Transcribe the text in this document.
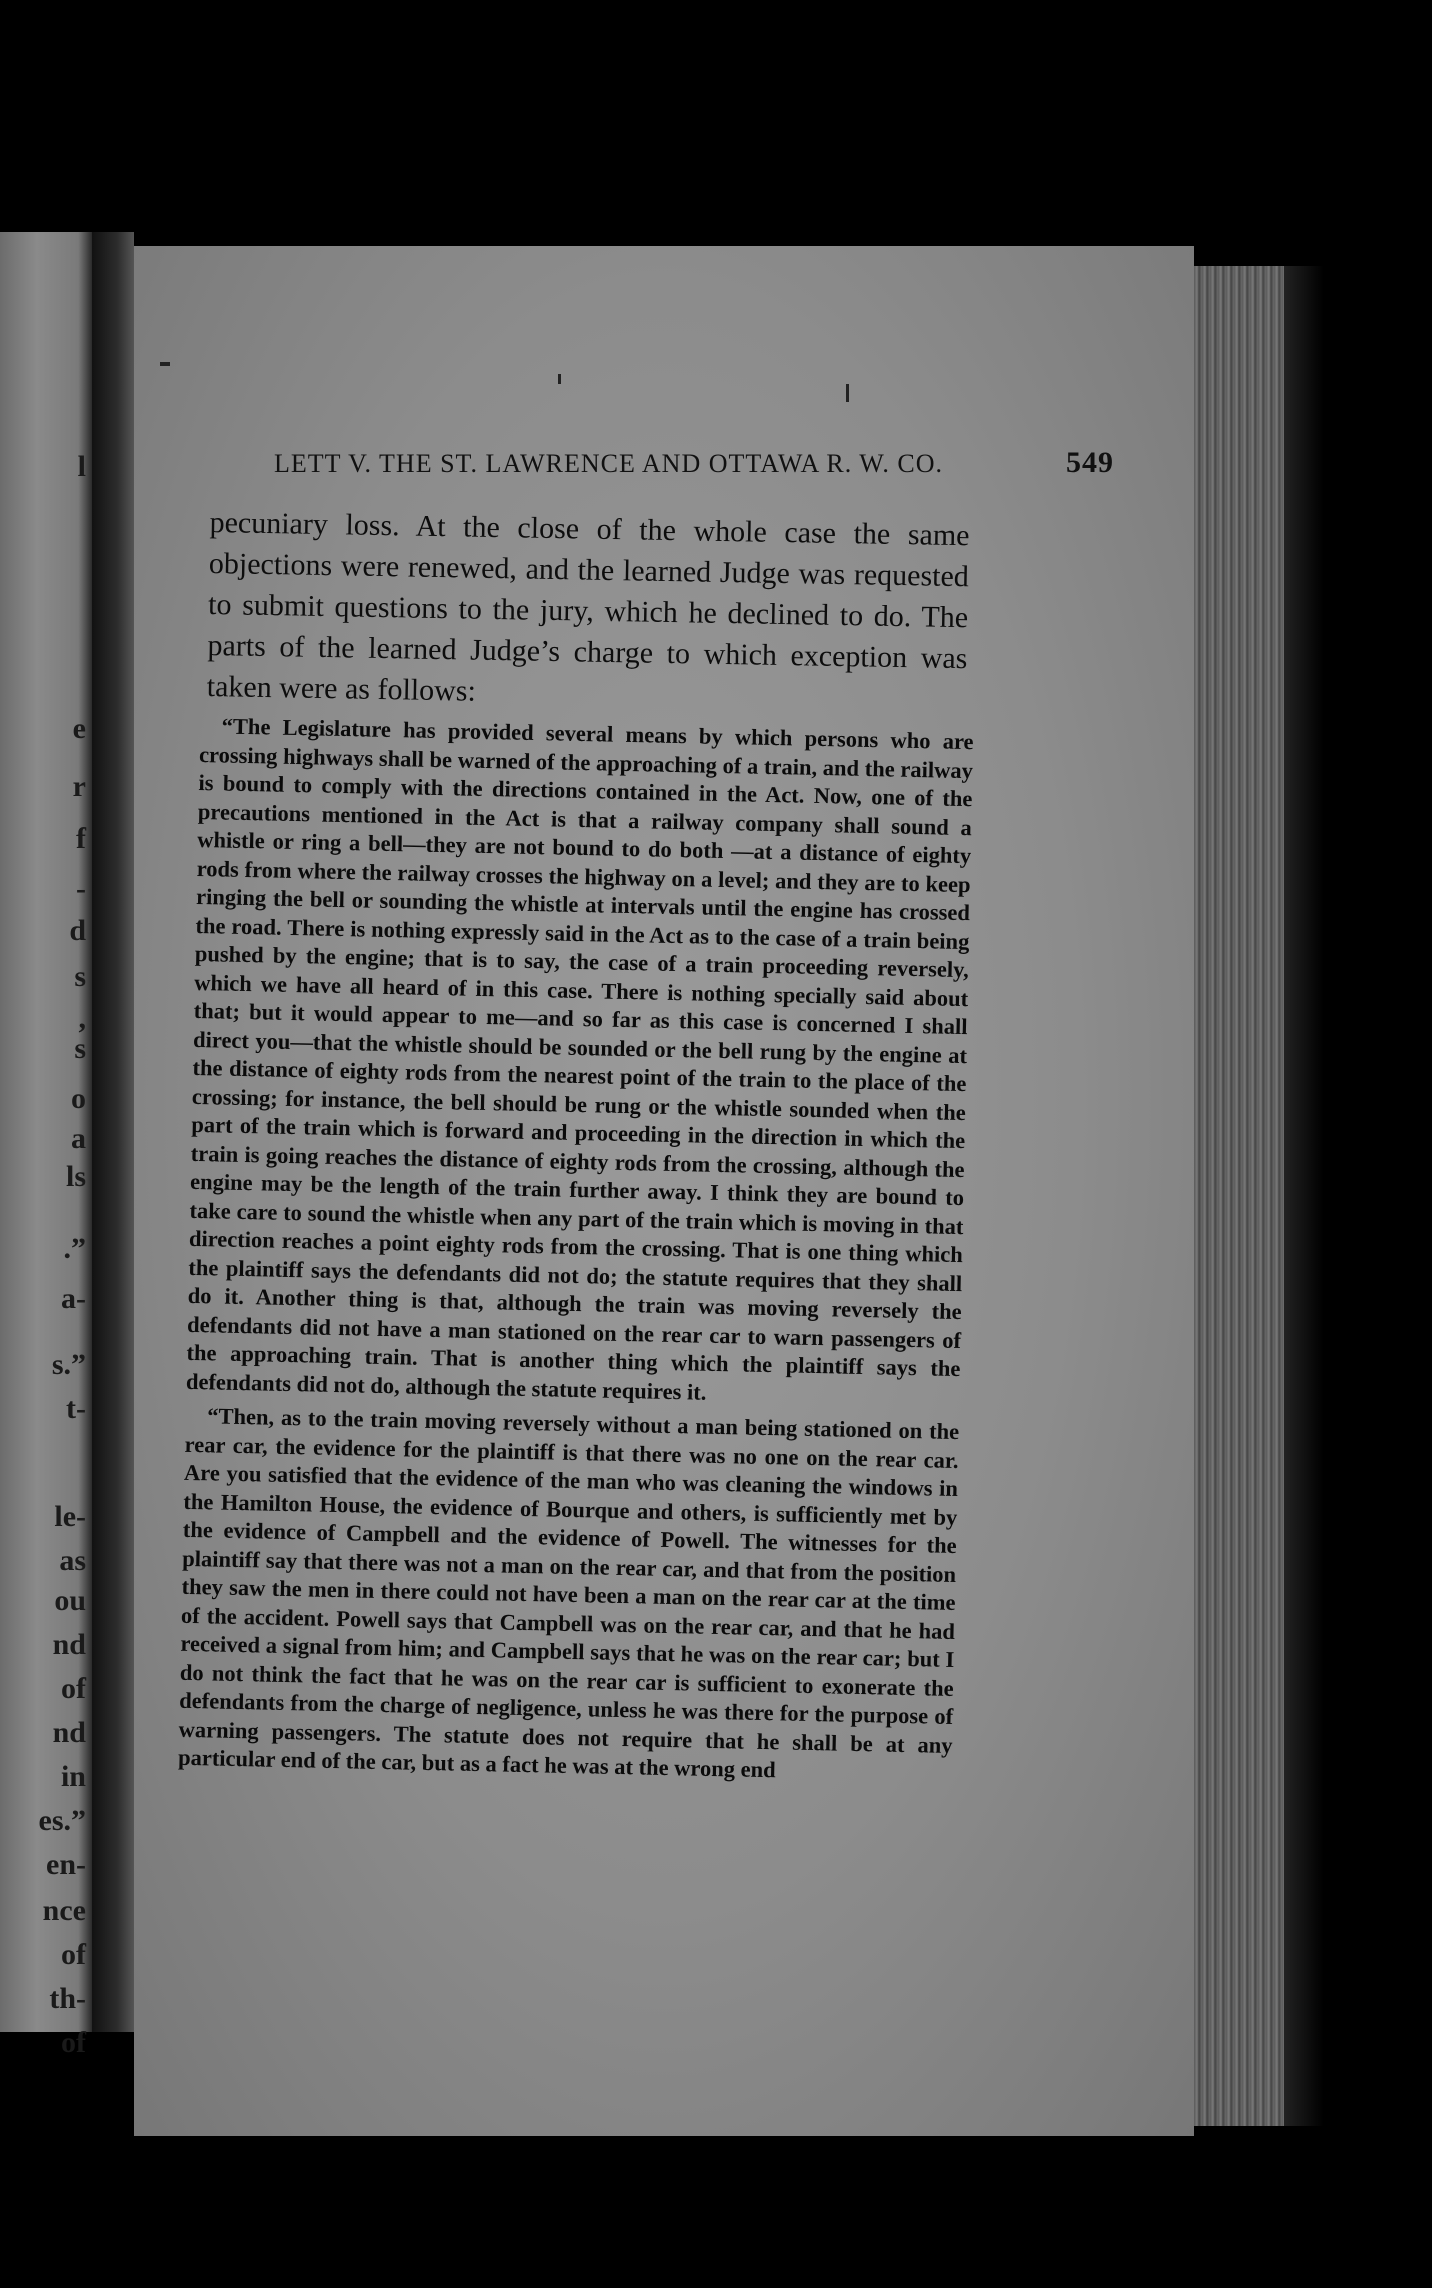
l
e
r
f
-
d
s
,
s
o
a
ls
.”
a-
s.”
t-
le-
as
ou
nd
of
nd
in
es.”
en-
nce
of
th-
of
LETT V. THE ST. LAWRENCE AND OTTAWA R. W. CO.	549

pecuniary loss. At the close of the whole case the same objections were renewed, and the learned Judge was requested to submit questions to the jury, which he declined to do. The parts of the learned Judge’s charge to which exception was taken were as follows:

“The Legislature has provided several means by which persons who are crossing highways shall be warned of the approaching of a train, and the railway is bound to comply with the directions contained in the Act. Now, one of the precautions mentioned in the Act is that a railway company shall sound a whistle or ring a bell—they are not bound to do both —at a distance of eighty rods from where the railway crosses the highway on a level; and they are to keep ringing the bell or sounding the whistle at intervals until the engine has crossed the road. There is nothing expressly said in the Act as to the case of a train being pushed by the engine; that is to say, the case of a train proceeding reversely, which we have all heard of in this case. There is nothing specially said about that; but it would appear to me—and so far as this case is concerned I shall direct you—that the whistle should be sounded or the bell rung by the engine at the distance of eighty rods from the nearest point of the train to the place of the crossing; for instance, the bell should be rung or the whistle sounded when the part of the train which is forward and proceeding in the direction in which the train is going reaches the distance of eighty rods from the crossing, although the engine may be the length of the train further away. I think they are bound to take care to sound the whistle when any part of the train which is moving in that direction reaches a point eighty rods from the crossing. That is one thing which the plaintiff says the defendants did not do; the statute requires that they shall do it. Another thing is that, although the train was moving reversely the defendants did not have a man stationed on the rear car to warn passengers of the approaching train. That is another thing which the plaintiff says the defendants did not do, although the statute requires it.

“Then, as to the train moving reversely without a man being stationed on the rear car, the evidence for the plaintiff is that there was no one on the rear car. Are you satisfied that the evidence of the man who was cleaning the windows in the Hamilton House, the evidence of Bourque and others, is sufficiently met by the evidence of Campbell and the evidence of Powell. The witnesses for the plaintiff say that there was not a man on the rear car, and that from the position they saw the men in there could not have been a man on the rear car at the time of the accident. Powell says that Campbell was on the rear car, and that he had received a signal from him; and Campbell says that he was on the rear car; but I do not think the fact that he was on the rear car is sufficient to exonerate the defendants from the charge of negligence, unless he was there for the purpose of warning passengers. The statute does not require that he shall be at any particular end of the car, but as a fact he was at the wrong end
